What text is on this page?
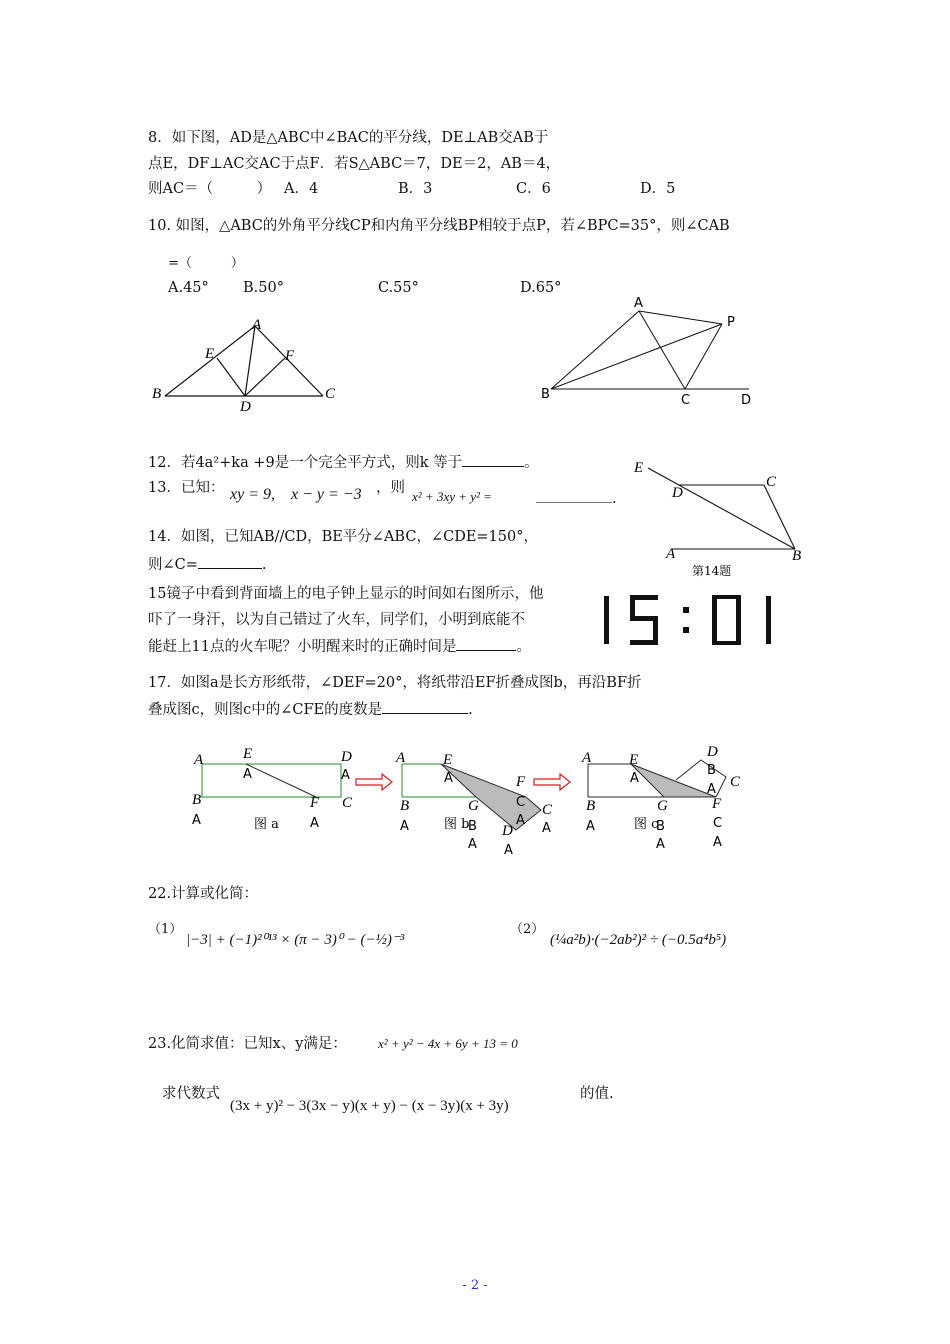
8．如下图，AD是△ABC中∠BAC的平分线，DE⊥AB交AB于
点E，DF⊥AC交AC于点F．若S△ABC＝7，DE＝2，AB＝4，
则AC＝（　　　） A．4	B．3	C．6	D．5
10. 如图，△ABC的外角平分线CP和内角平分线BP相较于点P，若∠BPC=35°，则∠CAB
=（　　　）
A.45° B.50°	C.55°	D.65°
A
E	F
B	C
D
A
P
B	C	D
12．若4a²+ka +9是一个完全平方式，则k 等于	。
13．已知： xy = 9,　x − y = −3 ，则
x² + 3xy + y² =	.
14．如图，已知AB//CD，BE平分∠ABC，∠CDE=150°，
则∠C=	.
E
D
C
A	B
第14题
15镜子中看到背面墙上的电子钟上显示的时间如右图所示，他
吓了一身汗，以为自己错过了火车，同学们，小明到底能不
能赶上11点的火车呢？小明醒来时的正确时间是	。
17．如图a是长方形纸带，∠DEF=20°，将纸带沿EF折叠成图b，再沿BF折
叠成图c，则图c中的∠CFE的度数是	.
A	E
A
D
A
B
A
F
A
C
图 a
A	E
A	F
C
A
C
A
B
A
G
D
A
图 b
B
A
A	E
A
D
B
A C
F
C
A
B
A
G
图 c
B
A
22.计算或化简：
（1）
|−3| + (−1)²⁰¹³ × (π − 3)⁰ − (−½)⁻³
（2）
(¼a²b)·(−2ab²)² ÷ (−0.5a⁴b⁵)
23.化简求值：已知x、y满足： x² + y² − 4x + 6y + 13 = 0
求代数式
(3x + y)² − 3(3x − y)(x + y) − (x − 3y)(x + 3y)
的值.
- 2 -
